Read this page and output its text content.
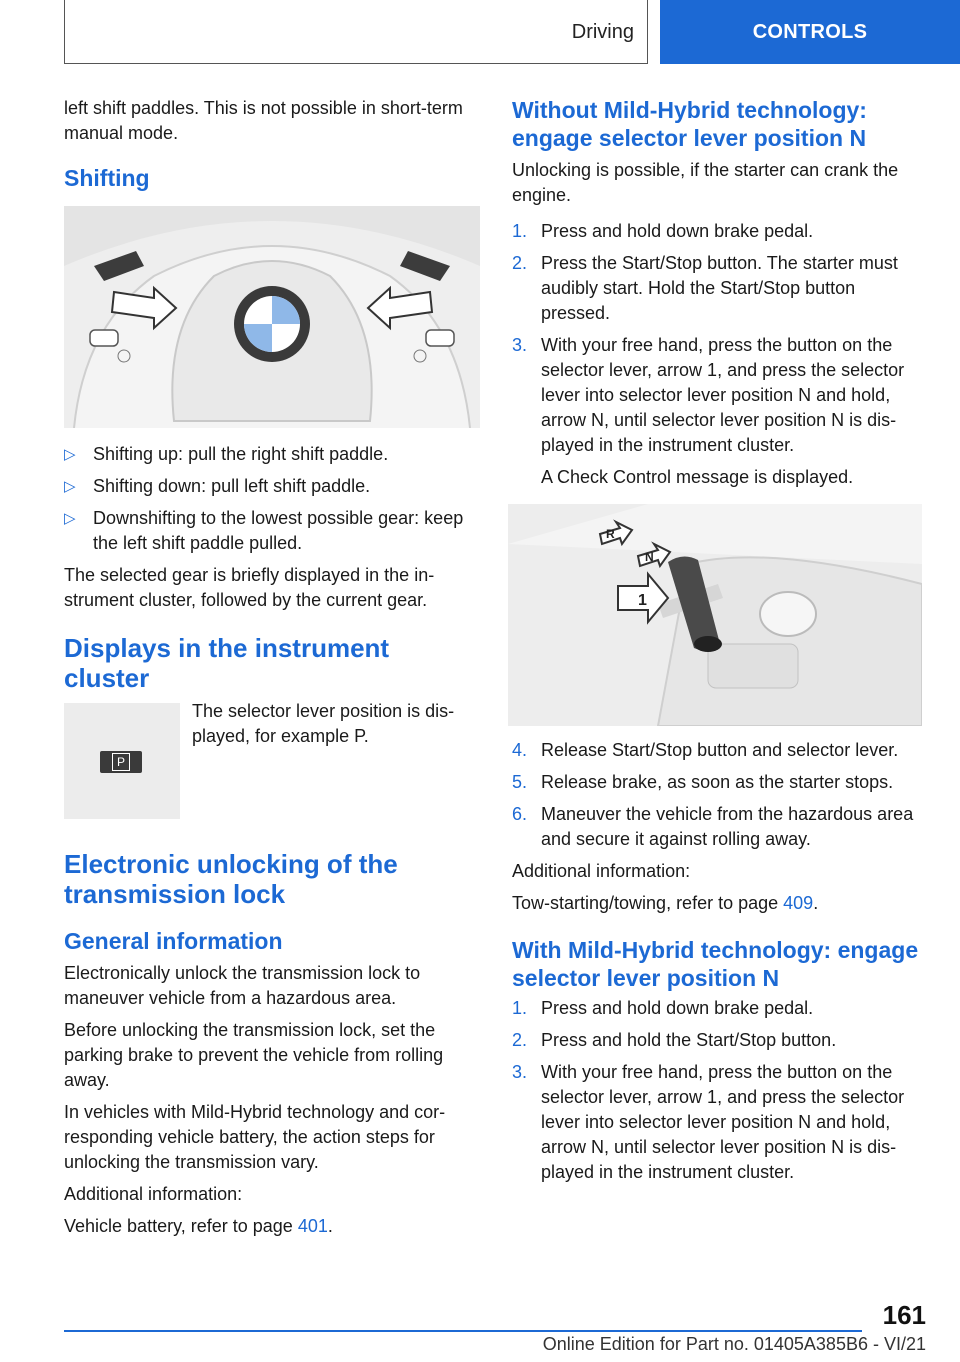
Driving	CONTROLS

left shift paddles. This is not possible in short-term manual mode.

Shifting
▷ Shifting up: pull the right shift paddle.
▷ Shifting down: pull left shift paddle.
▷ Downshifting to the lowest possible gear: keep the left shift paddle pulled.

The selected gear is briefly displayed in the in-strument cluster, followed by the current gear.

Displays in the instrument cluster
P

The selector lever position is dis-played, for example P.

Electronic unlocking of the transmission lock
General information

Electronically unlock the transmission lock to maneuver vehicle from a hazardous area.

Before unlocking the transmission lock, set the parking brake to prevent the vehicle from rolling away.

In vehicles with Mild-Hybrid technology and cor-responding vehicle battery, the action steps for unlocking the transmission vary.

Additional information:

Vehicle battery, refer to page 401.

Without Mild-Hybrid technology: engage selector lever position N

Unlocking is possible, if the starter can crank the engine.

1. Press and hold down brake pedal.
2. Press the Start/Stop button. The starter must audibly start. Hold the Start/Stop button pressed.
3. With your free hand, press the button on the selector lever, arrow 1, and press the selector lever into selector lever position N and hold, arrow N, until selector lever position N is dis-played in the instrument cluster.
A Check Control message is displayed.
R
N
1
4. Release Start/Stop button and selector lever.
5. Release brake, as soon as the starter stops.
6. Maneuver the vehicle from the hazardous area and secure it against rolling away.

Additional information:

Tow-starting/towing, refer to page 409.

With Mild-Hybrid technology: engage selector lever position N
1. Press and hold down brake pedal.
2. Press and hold the Start/Stop button.
3. With your free hand, press the button on the selector lever, arrow 1, and press the selector lever into selector lever position N and hold, arrow N, until selector lever position N is dis-played in the instrument cluster.
161
Online Edition for Part no. 01405A385B6 - VI/21
